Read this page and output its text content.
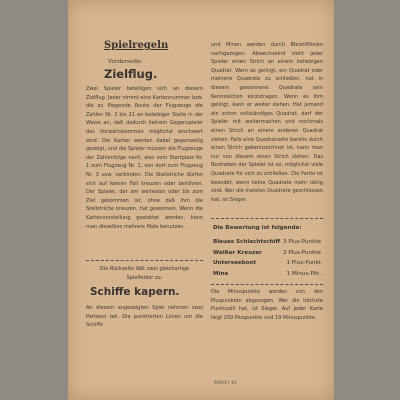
Spielregeln
Vorderseite:
Zielflug.

Zwei Spieler beteiligen sich an diesem Zielflug. Jeder nimmt eine Kartennummer bzw. die zu fliegende Route der Flugzeuge die Zahlen Nr. 2 bis 21 an beliebiger Stelle in der Weise an, daß dadurch keinem Gegenspieler das Vorwärtskommen möglichst erschwert wird. Die Karten werden dabei gegenseitig gezeigt, und die Spieler müssen die Flugzeuge der Zahlenfolge nach, also vom Startplatz Nr. 1 zum Flugzeug Nr. 2, von dort zum Flugzeug Nr. 3 usw. verbinden. Die Stellstriche dürfen sich auf keinen Fall kreuzen oder berühren. Der Spieler, der am weitesten oder bis zum Ziel gekommen ist, ohne daß ihm die Stellstriche kreuzen, hat gewonnen. Wenn die Kartenvorstellung gestattet werden, kann man dieselbes mehrere Male benutzen.

Die Rückseite läßt zwei gleichartige Spielfelder zu:

Schiffe kapern.

An diesem angezeigten Spiel nehmen zwei Parteien teil. Die punktierten Linien um die Schiffe

und Minen werden durch Bleistiftlinien nachgezogen. Abwechselnd zieht jeder Spieler einen Strich an einem beliebigen Quadrat. Wem es gelingt, ein Quadrat oder mehrere Quadrate zu schließen, hat in diesem gewonnene Quadrate sein Kennzeichen einzutragen. Wenn es ihm gelingt, kann er weiter ziehen. Hat jemand ein schon vollständiges Quadrat, darf der Spieler mit weitermachen und nochmals einen Strich an einem anderen Quadrat ziehen. Falls eine Quadratseite bereits durch einen Strich gekennzeichnet ist, kann man nur von diesem einen Strich ziehen. Das Bestreben der Spieler ist es, möglichst viele Quadrate für sich zu schließen. Die Partie ist beendet, wenn keine Quadrate mehr übrig sind. Wer die meisten Quadrate geschlossen hat, ist Sieger.

Die Bewertung ist folgende:
Blaues Schlachtschiff 3 Plus-Punkte
Weißer Kreuzer	2 Plus-Punkte
Unterseeboot	1 Plus-Punkt
Mine	1 Minus-Pkt.

Die Minuspunkte werden von den Pluspunkten abgezogen. Wer die höchste Punktzahl hat, ist Sieger. Auf jeder Karte liegt 200 Pluspunkte und 19 Minuspunkte.

MWF/ 41
